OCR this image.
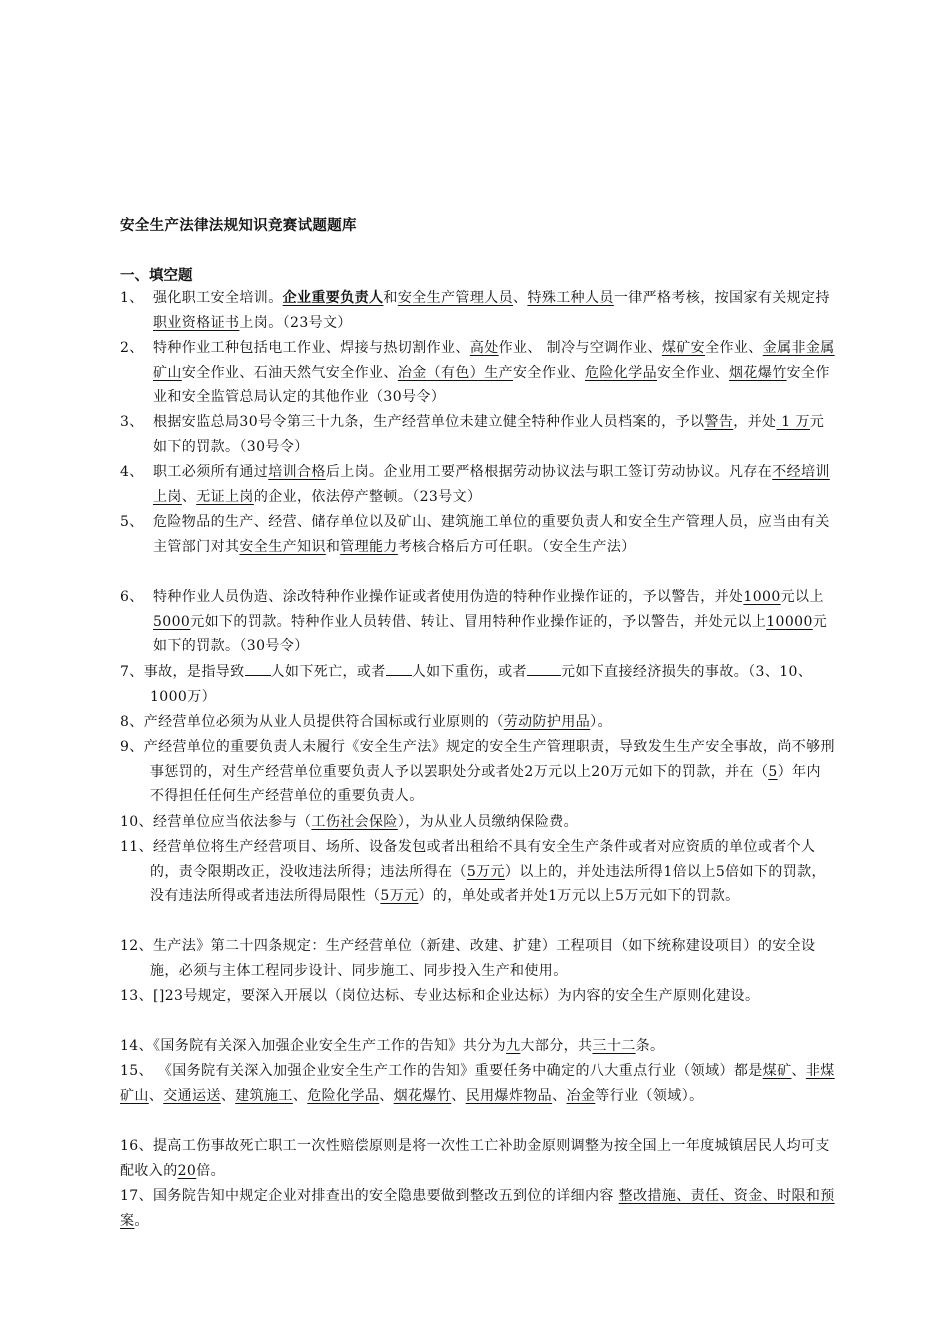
安全生产法律法规知识竞赛试题题库
一、填空题
1、 强化职工安全培训。企业重要负责人和安全生产管理人员、特殊工种人员一律严格考核，按国家有关规定持职业资格证书上岗。（23号文）
2、 特种作业工种包括电工作业、焊接与热切割作业、高处作业、 制冷与空调作业、煤矿安全作业、金属非金属矿山安全作业、石油天然气安全作业、冶金（有色）生产安全作业、危险化学品安全作业、烟花爆竹安全作业和安全监管总局认定的其他作业（30号令）
3、 根据安监总局30号令第三十九条，生产经营单位未建立健全特种作业人员档案的，予以警告，并处 1 万元如下的罚款。（30号令）
4、 职工必须所有通过培训合格后上岗。企业用工要严格根据劳动协议法与职工签订劳动协议。凡存在不经培训上岗、无证上岗的企业，依法停产整顿。（23号文）
5、 危险物品的生产、经营、储存单位以及矿山、建筑施工单位的重要负责人和安全生产管理人员，应当由有关主管部门对其安全生产知识和管理能力考核合格后方可任职。（安全生产法）
6、 特种作业人员伪造、涂改特种作业操作证或者使用伪造的特种作业操作证的，予以警告，并处1000元以上5000元如下的罚款。特种作业人员转借、转让、冒用特种作业操作证的，予以警告，并处元以上10000元如下的罚款。（30号令）
7、事故，是指导致 人如下死亡，或者 人如下重伤，或者 元如下直接经济损失的事故。（3、10、1000万）
8、产经营单位必须为从业人员提供符合国标或行业原则的（劳动防护用品）。
9、产经营单位的重要负责人未履行《安全生产法》规定的安全生产管理职责，导致发生生产安全事故，尚不够刑事惩罚的，对生产经营单位重要负责人予以罢职处分或者处2万元以上20万元如下的罚款，并在（5）年内不得担任任何生产经营单位的重要负责人。
10、经营单位应当依法参与（工伤社会保险），为从业人员缴纳保险费。
11、经营单位将生产经营项目、场所、设备发包或者出租给不具有安全生产条件或者对应资质的单位或者个人的，责令限期改正，没收违法所得；违法所得在（5万元）以上的，并处违法所得1倍以上5倍如下的罚款，没有违法所得或者违法所得局限性（5万元）的，单处或者并处1万元以上5万元如下的罚款。
12、生产法》第二十四条规定：生产经营单位（新建、改建、扩建）工程项目（如下统称建设项目）的安全设施，必须与主体工程同步设计、同步施工、同步投入生产和使用。
13、[]23号规定，要深入开展以（岗位达标、专业达标和企业达标）为内容的安全生产原则化建设。
14、《国务院有关深入加强企业安全生产工作的告知》共分为九大部分，共三十二条。
15、 《国务院有关深入加强企业安全生产工作的告知》重要任务中确定的八大重点行业（领域）都是煤矿、非煤矿山、交通运送、建筑施工、危险化学品、烟花爆竹、民用爆炸物品、冶金等行业（领域）。
16、提高工伤事故死亡职工一次性赔偿原则是将一次性工亡补助金原则调整为按全国上一年度城镇居民人均可支配收入的20倍。
17、国务院告知中规定企业对排查出的安全隐患要做到整改五到位的详细内容 整改措施、责任、资金、时限和预案。
